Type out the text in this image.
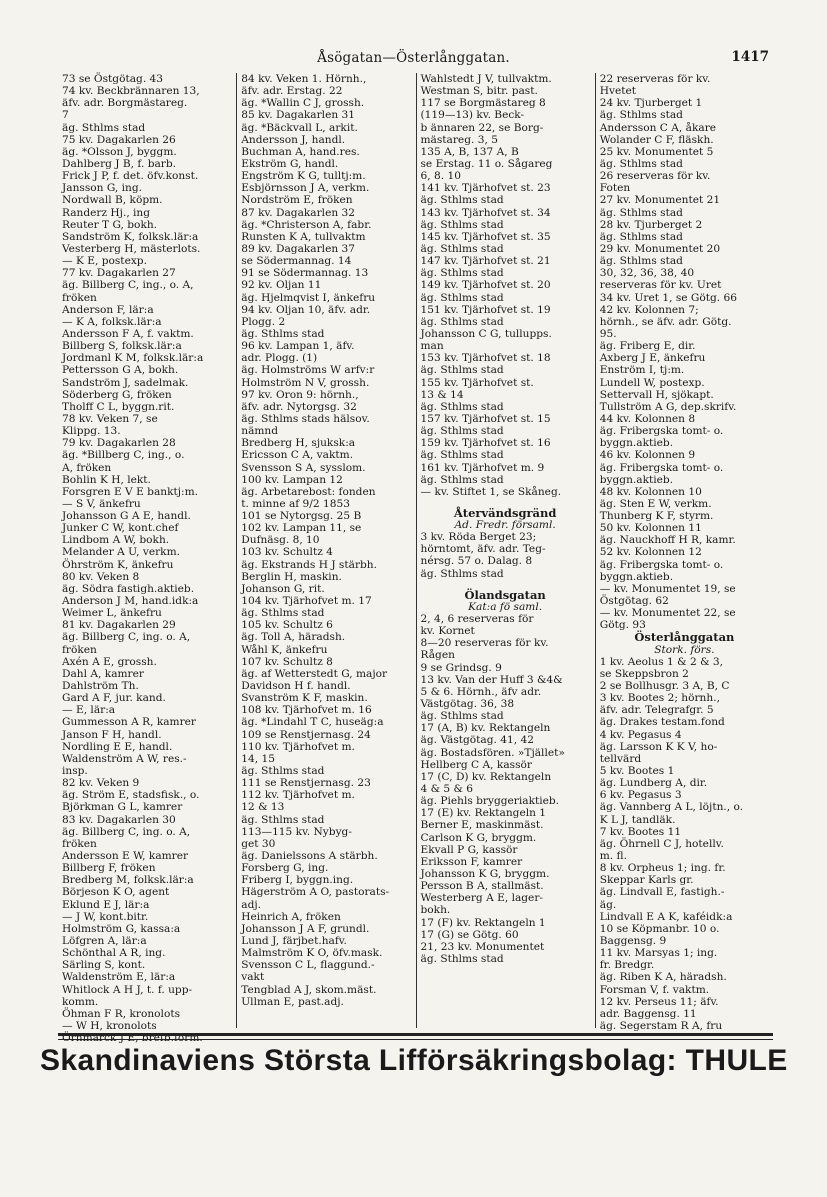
Åsögatan—Österlånggatan.	1417
73 se Östgötag. 43
74 kv. Beckbrännaren 13,
äfv. adr. Borgmästareg.
7
äg. Sthlms stad
75 kv. Dagakarlen 26
äg. *Olsson J, byggm.
Dahlberg J B, f. barb.
Frick J P, f. det. öfv.konst.
Jansson G, ing.
Nordwall B, köpm.
Randerz Hj., ing
Reuter T G, bokh.
Sandström K, folksk.lär:a
Vesterberg H, mästerlots.
— K E, postexp.
77 kv. Dagakarlen 27
äg. Billberg C, ing., o. A,
fröken
Anderson F, lär:a
— K A, folksk.lär:a
Andersson F A, f. vaktm.
Billberg S, folksk.lär:a
Jordmanl K M, folksk.lär:a
Pettersson G A, bokh.
Sandström J, sadelmak.
Söderberg G, fröken
Tholff C L, byggn.rit.
78 kv. Veken 7, se
Klippg. 13.
79 kv. Dagakarlen 28
äg. *Billberg C, ing., o.
A, fröken
Bohlin K H, lekt.
Forsgren E V E banktj:m.
— S V, änkefru
Johansson G A E, handl.
Junker C W, kont.chef
Lindbom A W, bokh.
Melander A U, verkm.
Öhrström K, änkefru
80 kv. Veken 8
äg. Södra fastigh.aktieb.
Anderson J M, hand.idk:a
Weimer L, änkefru
81 kv. Dagakarlen 29
äg. Billberg C, ing. o. A,
fröken
Axén A E, grossh.
Dahl A, kamrer
Dahlström Th.
Gard A F, jur. kand.
— E, lär:a
Gummesson A R, kamrer
Janson F H, handl.
Nordling E E, handl.
Waldenström A W, res.-
insp.
82 kv. Veken 9
äg. Ström E, stadsfisk., o.
Björkman G L, kamrer
83 kv. Dagakarlen 30
äg. Billberg C, ing. o. A,
fröken
Andersson E W, kamrer
Billberg F, fröken
Bredberg M, folksk.lär:a
Börjeson K O, agent
Eklund E J, lär:a
— J W, kont.bitr.
Holmström G, kassa:a
Löfgren A, lär:a
Schönthal A R, ing.
Särling S, kont.
Waldenström E, lär:a
Whitlock A H J, t. f. upp-
komm.
Öhman F R, kronolots
— W H, kronolots
Örnmarck J E, brefb.förm.
84 kv. Veken 1. Hörnh.,
äfv. adr. Erstag. 22
äg. *Wallin C J, grossh.
85 kv. Dagakarlen 31
äg. *Bäckvall L, arkit.
Andersson J, handl.
Buchman A, hand.res.
Ekström G, handl.
Engström K G, tulltj:m.
Esbjörnsson J A, verkm.
Nordström E, fröken
87 kv. Dagakarlen 32
äg. *Christerson A, fabr.
Runsten K A, tullvaktm
89 kv. Dagakarlen 37
se Södermannag. 14
91 se Södermannag. 13
92 kv. Oljan 11
äg. Hjelmqvist I, änkefru
94 kv. Oljan 10, äfv. adr.
Plogg. 2
äg. Sthlms stad
96 kv. Lampan 1, äfv.
adr. Plogg. (1)
äg. Holmströms W arfv:r
Holmström N V, grossh.
97 kv. Oron 9: hörnh.,
äfv. adr. Nytorgsg. 32
äg. Sthlms stads hälsov.
nämnd
Bredberg H, sjuksk:a
Ericsson C A, vaktm.
Svensson S A, sysslom.
100 kv. Lampan 12
äg. Arbetarebost: fonden
t. minne af 9/2 1853
101 se Nytorgsg. 25 B
102 kv. Lampan 11, se
Dufnäsg. 8, 10
103 kv. Schultz 4
äg. Ekstrands H J stärbh.
Berglin H, maskin.
Johanson G, rit.
104 kv. Tjärhofvet m. 17
äg. Sthlms stad
105 kv. Schultz 6
äg. Toll A, häradsh.
Wåhl K, änkefru
107 kv. Schultz 8
äg. af Wetterstedt G, major
Davidson H f. handl.
Svanström K F, maskin.
108 kv. Tjärhofvet m. 16
äg. *Lindahl T C, huseäg:a
109 se Renstjernasg. 24
110 kv. Tjärhofvet m.
14, 15
äg. Sthlms stad
111 se Renstjernasg. 23
112 kv. Tjärhofvet m.
12 & 13
äg. Sthlms stad
113—115 kv. Nybyg-
get 30
äg. Danielssons A stärbh.
Forsberg G, ing.
Friberg I, byggn.ing.
Hägerström A O, pastorats-
adj.
Heinrich A, fröken
Johansson J A F, grundl.
Lund J, färjbet.hafv.
Malmström K O, öfv.mask.
Svensson C L, flaggund.-
vakt
Tengblad A J, skom.mäst.
Ullman E, past.adj.
Wahlstedt J V, tullvaktm.
Westman S, bitr. past.
117 se Borgmästareg 8
(119—13) kv. Beck-
b ännaren 22, se Borg-
mästareg. 3, 5
135 A, B, 137 A, B
se Erstag. 11 o. Sågareg
6, 8. 10
141 kv. Tjärhofvet st. 23
äg. Sthlms stad
143 kv. Tjärhofvet st. 34
äg. Sthlms stad
145 kv. Tjärhofvet st. 35
äg. Sthlms stad
147 kv. Tjärhofvet st. 21
äg. Sthlms stad
149 kv. Tjärhofvet st. 20
äg. Sthlms stad
151 kv. Tjärhofvet st. 19
äg. Sthlms stad
Johansson C G, tullupps.
man
153 kv. Tjärhofvet st. 18
äg. Sthlms stad
155 kv. Tjärhofvet st.
13 & 14
äg. Sthlms stad
157 kv. Tjärhofvet st. 15
äg. Sthlms stad
159 kv. Tjärhofvet st. 16
äg. Sthlms stad
161 kv. Tjärhofvet m. 9
äg. Sthlms stad
— kv. Stiftet 1, se Skåneg.
Återvändsgränd
Ad. Fredr. församl.
3 kv. Röda Berget 23;
hörntomt, äfv. adr. Teg-
nérsg. 57 o. Dalag. 8
äg. Sthlms stad
Ölandsgatan
Kat:a fö saml.
2, 4, 6 reserveras för
kv. Kornet
8—20 reserveras för kv.
Rågen
9 se Grindsg. 9
13 kv. Van der Huff 3 &4&
5 & 6. Hörnh., äfv adr.
Västgötag. 36, 38
äg. Sthlms stad
17 (A, B) kv. Rektangeln
äg. Västgötag. 41, 42
äg. Bostadsfören. »Tjället»
Hellberg C A, kassör
17 (C, D) kv. Rektangeln
4 & 5 & 6
äg. Piehls bryggeriaktieb.
17 (E) kv. Rektangeln 1
Berner E, maskinmäst.
Carlson K G, bryggm.
Ekvall P G, kassör
Eriksson F, kamrer
Johansson K G, bryggm.
Persson B A, stallmäst.
Westerberg A E, lager-
bokh.
17 (F) kv. Rektangeln 1
17 (G) se Götg. 60
21, 23 kv. Monumentet
äg. Sthlms stad
22 reserveras för kv.
Hvetet
24 kv. Tjurberget 1
äg. Sthlms stad
Andersson C A, åkare
Wolander C F, fläskh.
25 kv. Monumentet 5
äg. Sthlms stad
26 reserveras för kv.
Foten
27 kv. Monumentet 21
äg. Sthlms stad
28 kv. Tjurberget 2
äg. Sthlms stad
29 kv. Monumentet 20
äg. Sthlms stad
30, 32, 36, 38, 40
reserveras för kv. Uret
34 kv. Uret 1, se Götg. 66
42 kv. Kolonnen 7;
hörnh., se äfv. adr. Götg.
95.
äg. Friberg E, dir.
Axberg J E, änkefru
Enström I, tj:m.
Lundell W, postexp.
Settervall H, sjökapt.
Tullström A G, dep.skrifv.
44 kv. Kolonnen 8
äg. Fribergska tomt- o.
byggn.aktieb.
46 kv. Kolonnen 9
äg. Fribergska tomt- o.
byggn.aktieb.
48 kv. Kolonnen 10
äg. Sten E W, verkm.
Thunberg K F, styrm.
50 kv. Kolonnen 11
äg. Nauckhoff H R, kamr.
52 kv. Kolonnen 12
äg. Fribergska tomt- o.
byggn.aktieb.
— kv. Monumentet 19, se
Östgötag. 62
— kv. Monumentet 22, se
Götg. 93
Österlånggatan
Stork. förs.
1 kv. Aeolus 1 & 2 & 3,
se Skeppsbron 2
2 se Bollhusgr. 3 A, B, C
3 kv. Bootes 2; hörnh.,
äfv. adr. Telegrafgr. 5
äg. Drakes testam.fond
4 kv. Pegasus 4
äg. Larsson K K V, ho-
tellvärd
5 kv. Bootes 1
äg. Lundberg A, dir.
6 kv. Pegasus 3
äg. Vannberg A L, löjtn., o.
K L J, tandläk.
7 kv. Bootes 11
äg. Öhrnell C J, hotellv.
m. fl.
8 kv. Orpheus 1; ing. fr.
Skeppar Karls gr.
äg. Lindvall E, fastigh.-
äg.
Lindvall E A K, kaféidk:a
10 se Köpmanbr. 10 o.
Baggensg. 9
11 kv. Marsyas 1; ing.
fr. Bredgr.
äg. Riben K A, häradsh.
Forsman V, f. vaktm.
12 kv. Perseus 11; äfv.
adr. Baggensg. 11
äg. Segerstam R A, fru
Skandinaviens Största Lifförsäkringsbolag: THULE
